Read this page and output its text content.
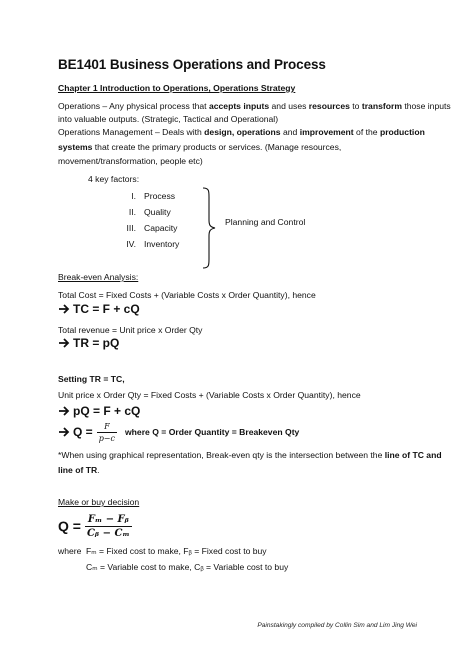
BE1401 Business Operations and Process
Chapter 1 Introduction to Operations, Operations Strategy
Operations – Any physical process that accepts inputs and uses resources to transform those inputs
into valuable outputs. (Strategic, Tactical and Operational)
Operations Management – Deals with design, operations and improvement of the production
systems that create the primary products or services. (Manage resources,
movement/transformation, people etc)
4 key factors:
I. Process
II. Quality
III. Capacity
IV. Inventory
Planning and Control
Break-even Analysis:
Total Cost = Fixed Costs + (Variable Costs x Order Quantity), hence
TC = F + cQ
Total revenue = Unit price x Order Qty
TR = pQ
Setting TR = TC,
Unit price x Order Qty = Fixed Costs + (Variable Costs x Order Quantity), hence
pQ = F + cQ
$Q = \frac{F}{p-c}$ where Q = Order Quantity = Breakeven Qty
*When using graphical representation, Break-even qty is the intersection between the line of TC and
line of TR.
Make or buy decision
$Q = \frac{\text{Fₘ − Fᵦ}}{\text{Cᵦ − Cₘ}}$
where Fₘ = Fixed cost to make, Fᵦ = Fixed cost to buy
Cₘ = Variable cost to make, Cᵦ = Variable cost to buy
Painstakingly compiled by Collin Sim and Lim Jing Wei
